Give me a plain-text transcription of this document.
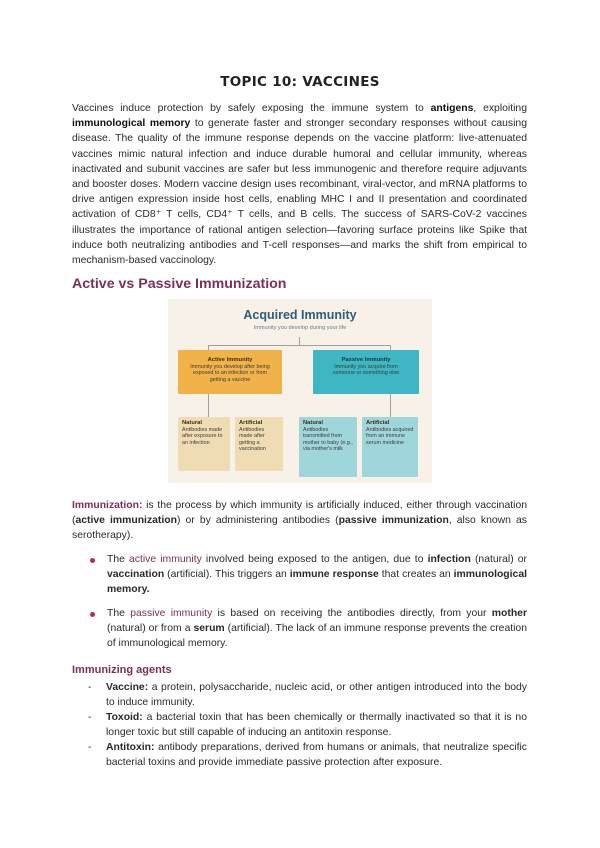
TOPIC 10: VACCINES
Vaccines induce protection by safely exposing the immune system to antigens, exploiting immunological memory to generate faster and stronger secondary responses without causing disease. The quality of the immune response depends on the vaccine platform: live-attenuated vaccines mimic natural infection and induce durable humoral and cellular immunity, whereas inactivated and subunit vaccines are safer but less immunogenic and therefore require adjuvants and booster doses. Modern vaccine design uses recombinant, viral-vector, and mRNA platforms to drive antigen expression inside host cells, enabling MHC I and II presentation and coordinated activation of CD8⁺ T cells, CD4⁺ T cells, and B cells. The success of SARS-CoV-2 vaccines illustrates the importance of rational antigen selection—favoring surface proteins like Spike that induce both neutralizing antibodies and T-cell responses—and marks the shift from empirical to mechanism-based vaccinology.
Active vs Passive Immunization
Acquired Immunity
Immunity you develop during your life
Active Immunity
Immunity you develop after being exposed to an infection or from getting a vaccine
Passive Immunity
Immunity you acquire from someone or something else
Natural
Antibodies made after exposure to an infection
Artificial
Antibodies made after getting a vaccination
Natural
Antibodies transmitted from mother to baby (e.g., via mother's milk
Artificial
Antibodies acquired from an immune serum medicine
Immunization: is the process by which immunity is artificially induced, either through vaccination (active immunization) or by administering antibodies (passive immunization, also known as serotherapy).
The active immunity involved being exposed to the antigen, due to infection (natural) or vaccination (artificial). This triggers an immune response that creates an immunological memory.
The passive immunity is based on receiving the antibodies directly, from your mother (natural) or from a serum (artificial). The lack of an immune response prevents the creation of immunological memory.
Immunizing agents
- Vaccine: a protein, polysaccharide, nucleic acid, or other antigen introduced into the body to induce immunity.
- Toxoid: a bacterial toxin that has been chemically or thermally inactivated so that it is no longer toxic but still capable of inducing an antitoxin response.
- Antitoxin: antibody preparations, derived from humans or animals, that neutralize specific bacterial toxins and provide immediate passive protection after exposure.
